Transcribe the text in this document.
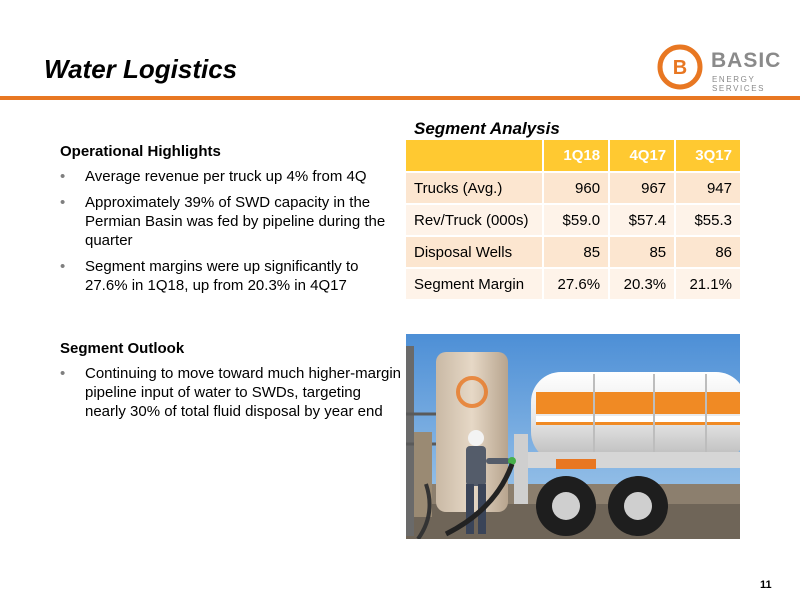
Water Logistics	B BASIC
ENERGY SERVICES
Operational Highlights
• Average revenue per truck up 4% from 4Q
• Approximately 39% of SWD capacity in the Permian Basin was fed by pipeline during the quarter
• Segment margins were up significantly to 27.6% in 1Q18, up from 20.3% in 4Q17
Segment Outlook
• Continuing to move toward much higher-margin pipeline input of water to SWDs, targeting nearly 30% of total fluid disposal by year end
Segment Analysis
	1Q18	4Q17	3Q17
Trucks (Avg.)	960	967	947
Rev/Truck (000s)	$59.0	$57.4	$55.3
Disposal Wells	85	85	86
Segment Margin	27.6%	20.3%	21.1%
11
